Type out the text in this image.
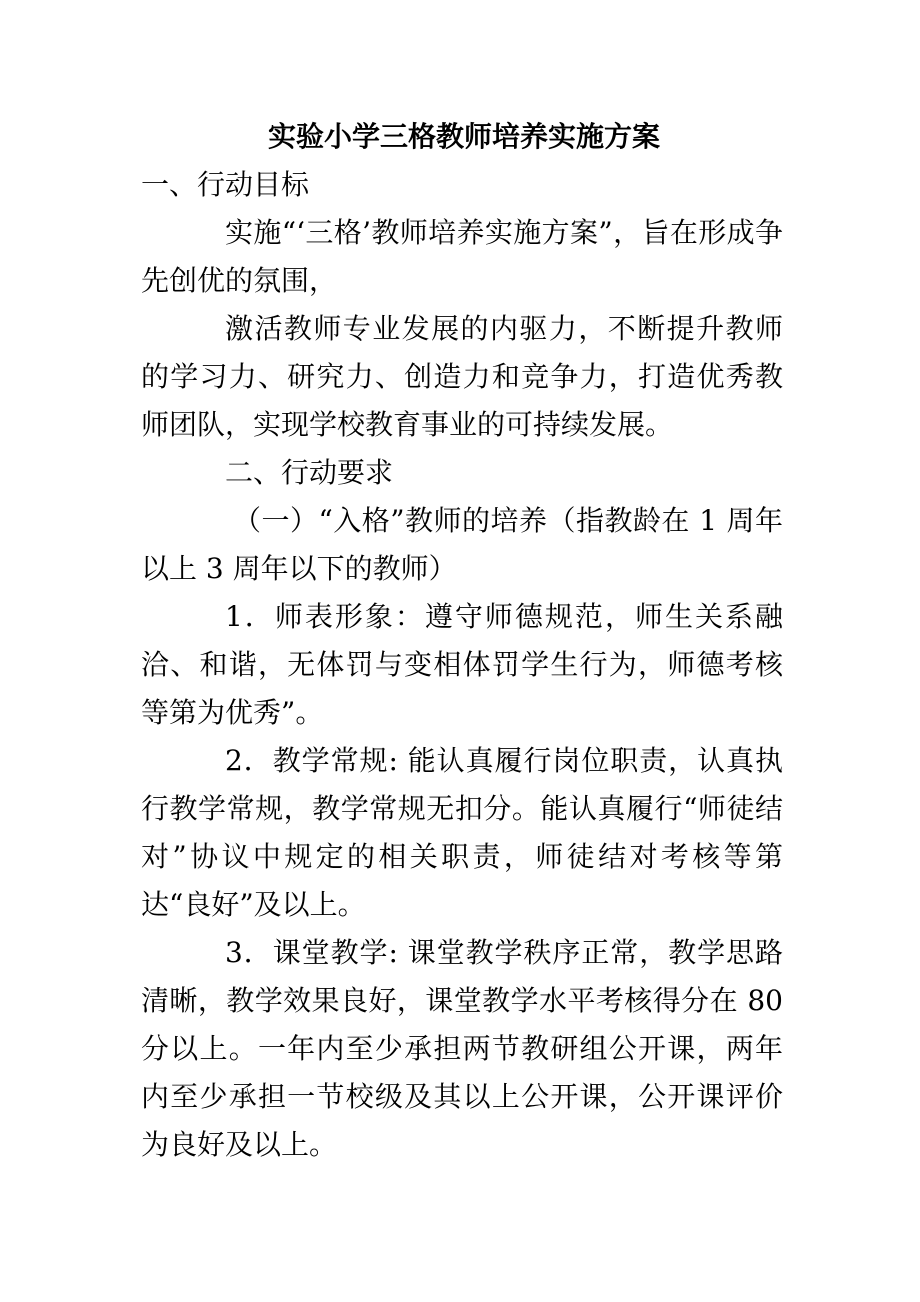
实验小学三格教师培养实施方案

一、行动目标

实施“‘三格’教师培养实施方案”，旨在形成争先创优的氛围，

激活教师专业发展的内驱力，不断提升教师的学习力、研究力、创造力和竞争力，打造优秀教师团队，实现学校教育事业的可持续发展。

二、行动要求

（一）“入格”教师的培养（指教龄在 1 周年以上 3 周年以下的教师）

1．师表形象：遵守师德规范，师生关系融洽、和谐，无体罚与变相体罚学生行为，师德考核等第为优秀”。

2．教学常规: 能认真履行岗位职责，认真执行教学常规，教学常规无扣分。能认真履行“师徒结对”协议中规定的相关职责，师徒结对考核等第达“良好”及以上。

3．课堂教学: 课堂教学秩序正常，教学思路清晰，教学效果良好，课堂教学水平考核得分在 80 分以上。一年内至少承担两节教研组公开课，两年内至少承担一节校级及其以上公开课，公开课评价为良好及以上。
